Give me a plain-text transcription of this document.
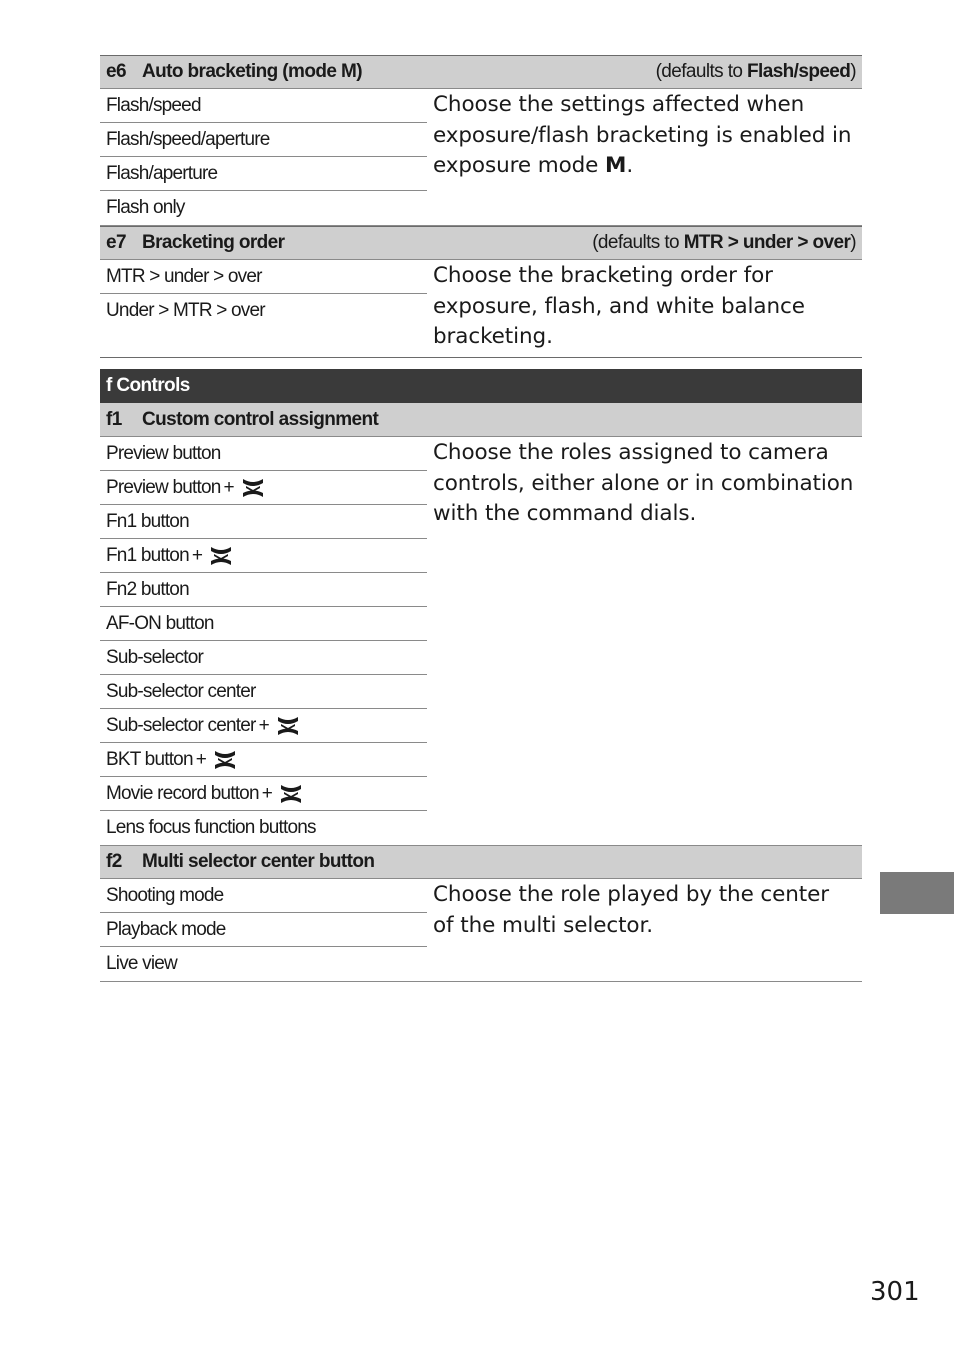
e6 Auto bracketing (mode M)	(defaults to Flash/speed)
Flash/speed
Flash/speed/aperture
Flash/aperture
Flash only
Choose the settings affected when exposure/flash bracketing is enabled in exposure mode M.
e7 Bracketing order	(defaults to MTR > under > over)
MTR > under > over
Under > MTR > over
Choose the bracketing order for exposure, flash, and white balance bracketing.
f Controls
f1	Custom control assignment
Preview button
Preview button +
Fn1 button
Fn1 button +
Fn2 button
AF-ON button
Sub-selector
Sub-selector center
Sub-selector center +
BKT button +
Movie record button +
Lens focus function buttons
Choose the roles assigned to camera controls, either alone or in combination with the command dials.
f2	Multi selector center button
Shooting mode
Playback mode
Live view
Choose the role played by the center of the multi selector.
301
